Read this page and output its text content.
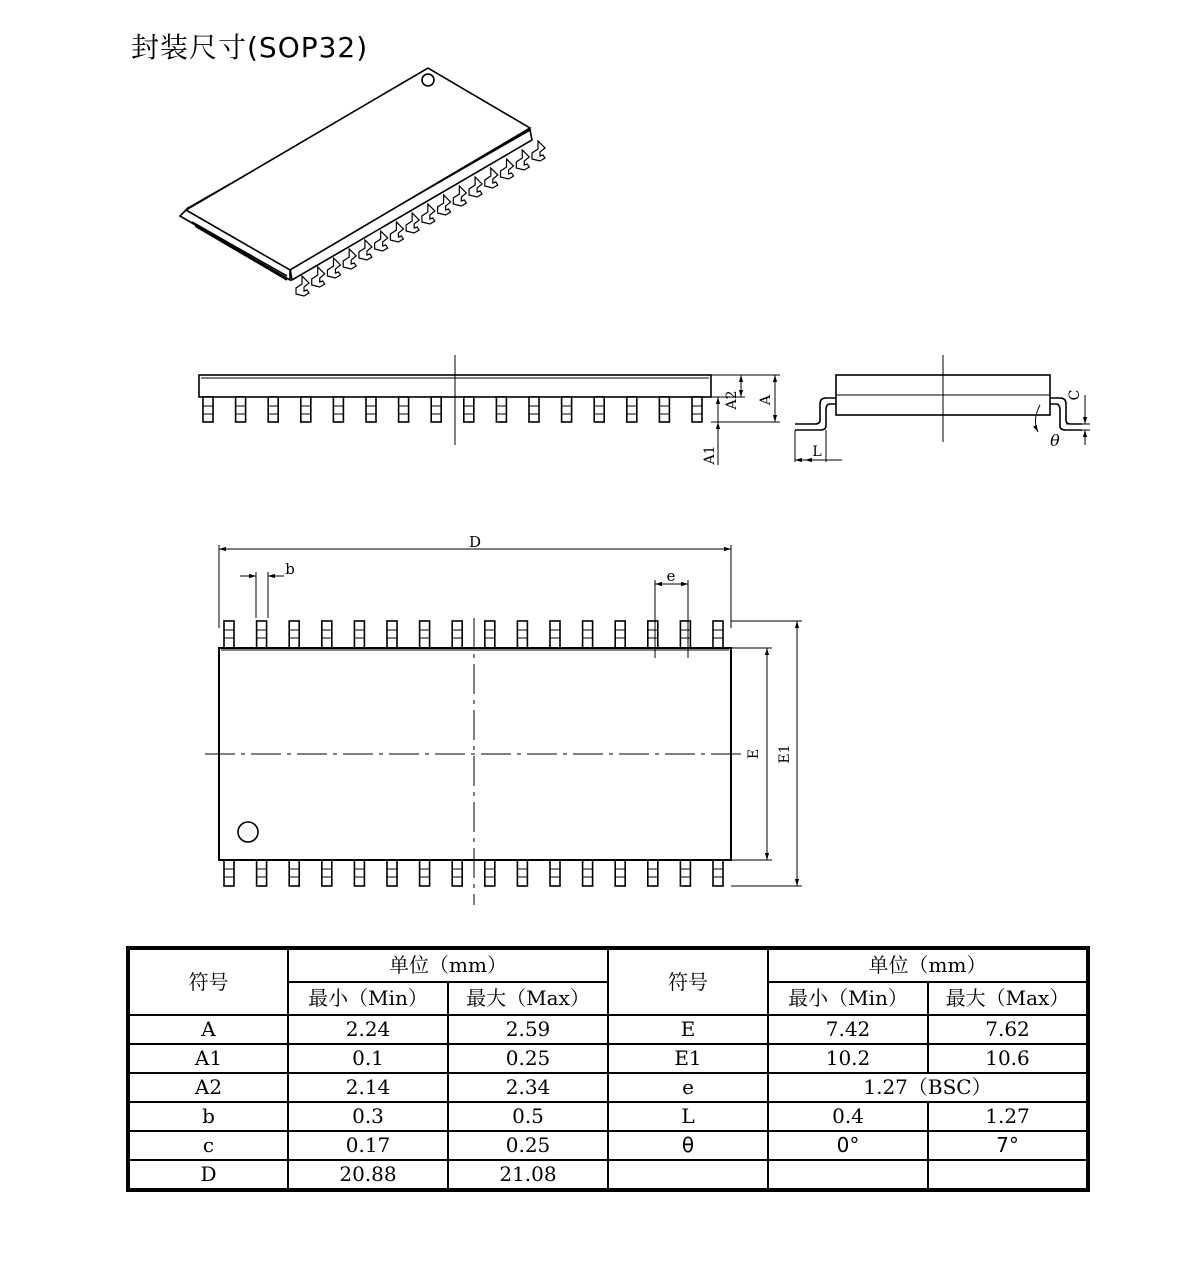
封装尺寸(SOP32)
A2 A
A1	L
C
θ
D
b	e
E E1
符号	单位（mm）		符号	单位（mm）	
	最小（Min）	最大（Max）		最小（Min）	最大（Max）
A	2.24	2.59	E	7.42	7.62
A1	0.1	0.25	E1	10.2	10.6
A2	2.14	2.34	e	1.27（BSC）	
b	0.3	0.5	L	0.4	1.27
c	0.17	0.25	θ	0°	7°
D	20.88	21.08			
